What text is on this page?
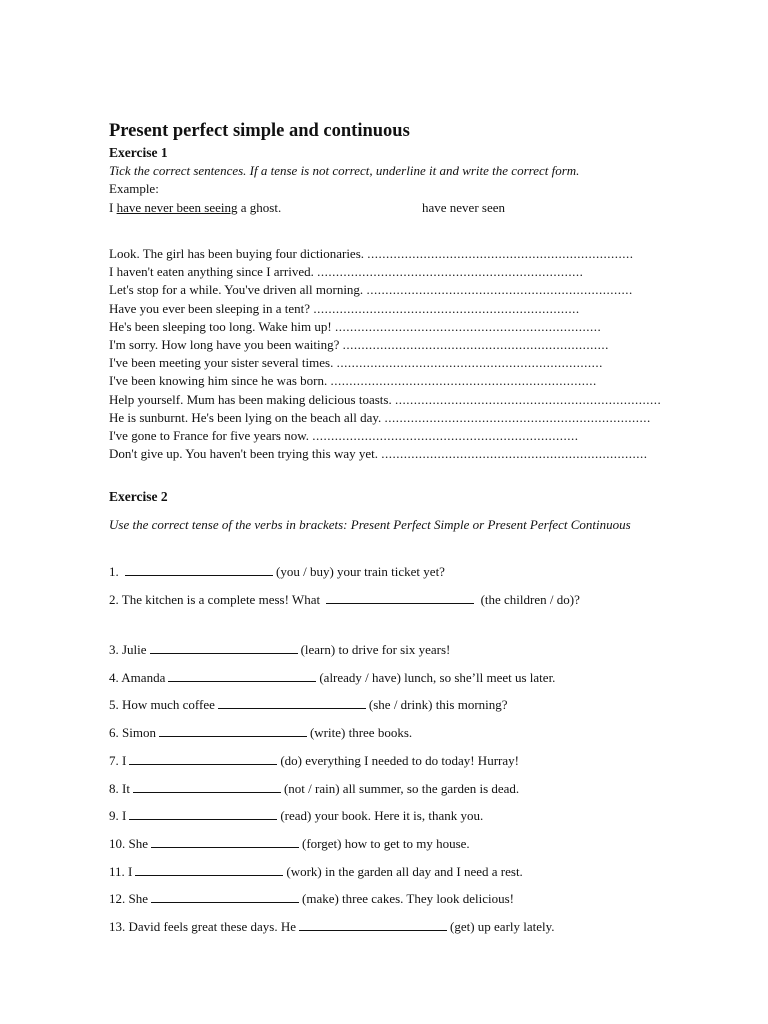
Present perfect simple and continuous
Exercise 1
Tick the correct sentences. If a tense is not correct, underline it and write the correct form.
Example:
I have never been seeing a ghost.	have never seen
Look. The girl has been buying four dictionaries. .......................................................................
I haven't eaten anything since I arrived. .......................................................................
Let's stop for a while. You've driven all morning. .......................................................................
Have you ever been sleeping in a tent? .......................................................................
He's been sleeping too long. Wake him up! .......................................................................
I'm sorry. How long have you been waiting? .......................................................................
I've been meeting your sister several times. .......................................................................
I've been knowing him since he was born. .......................................................................
Help yourself. Mum has been making delicious toasts. .......................................................................
He is sunburnt. He's been lying on the beach all day. .......................................................................
I've gone to France for five years now. .......................................................................
Don't give up. You haven't been trying this way yet. .......................................................................
Exercise 2
Use the correct tense of the verbs in brackets: Present Perfect Simple or Present Perfect Continuous
1.	(you / buy) your train ticket yet?
2. The kitchen is a complete mess! What	(the children / do)?
3. Julie	(learn) to drive for six years!
4. Amanda	(already / have) lunch, so she’ll meet us later.
5. How much coffee	(she / drink) this morning?
6. Simon	(write) three books.
7. I	(do) everything I needed to do today! Hurray!
8. It	(not / rain) all summer, so the garden is dead.
9. I	(read) your book. Here it is, thank you.
10. She	(forget) how to get to my house.
11. I	(work) in the garden all day and I need a rest.
12. She	(make) three cakes. They look delicious!
13. David feels great these days. He	(get) up early lately.
